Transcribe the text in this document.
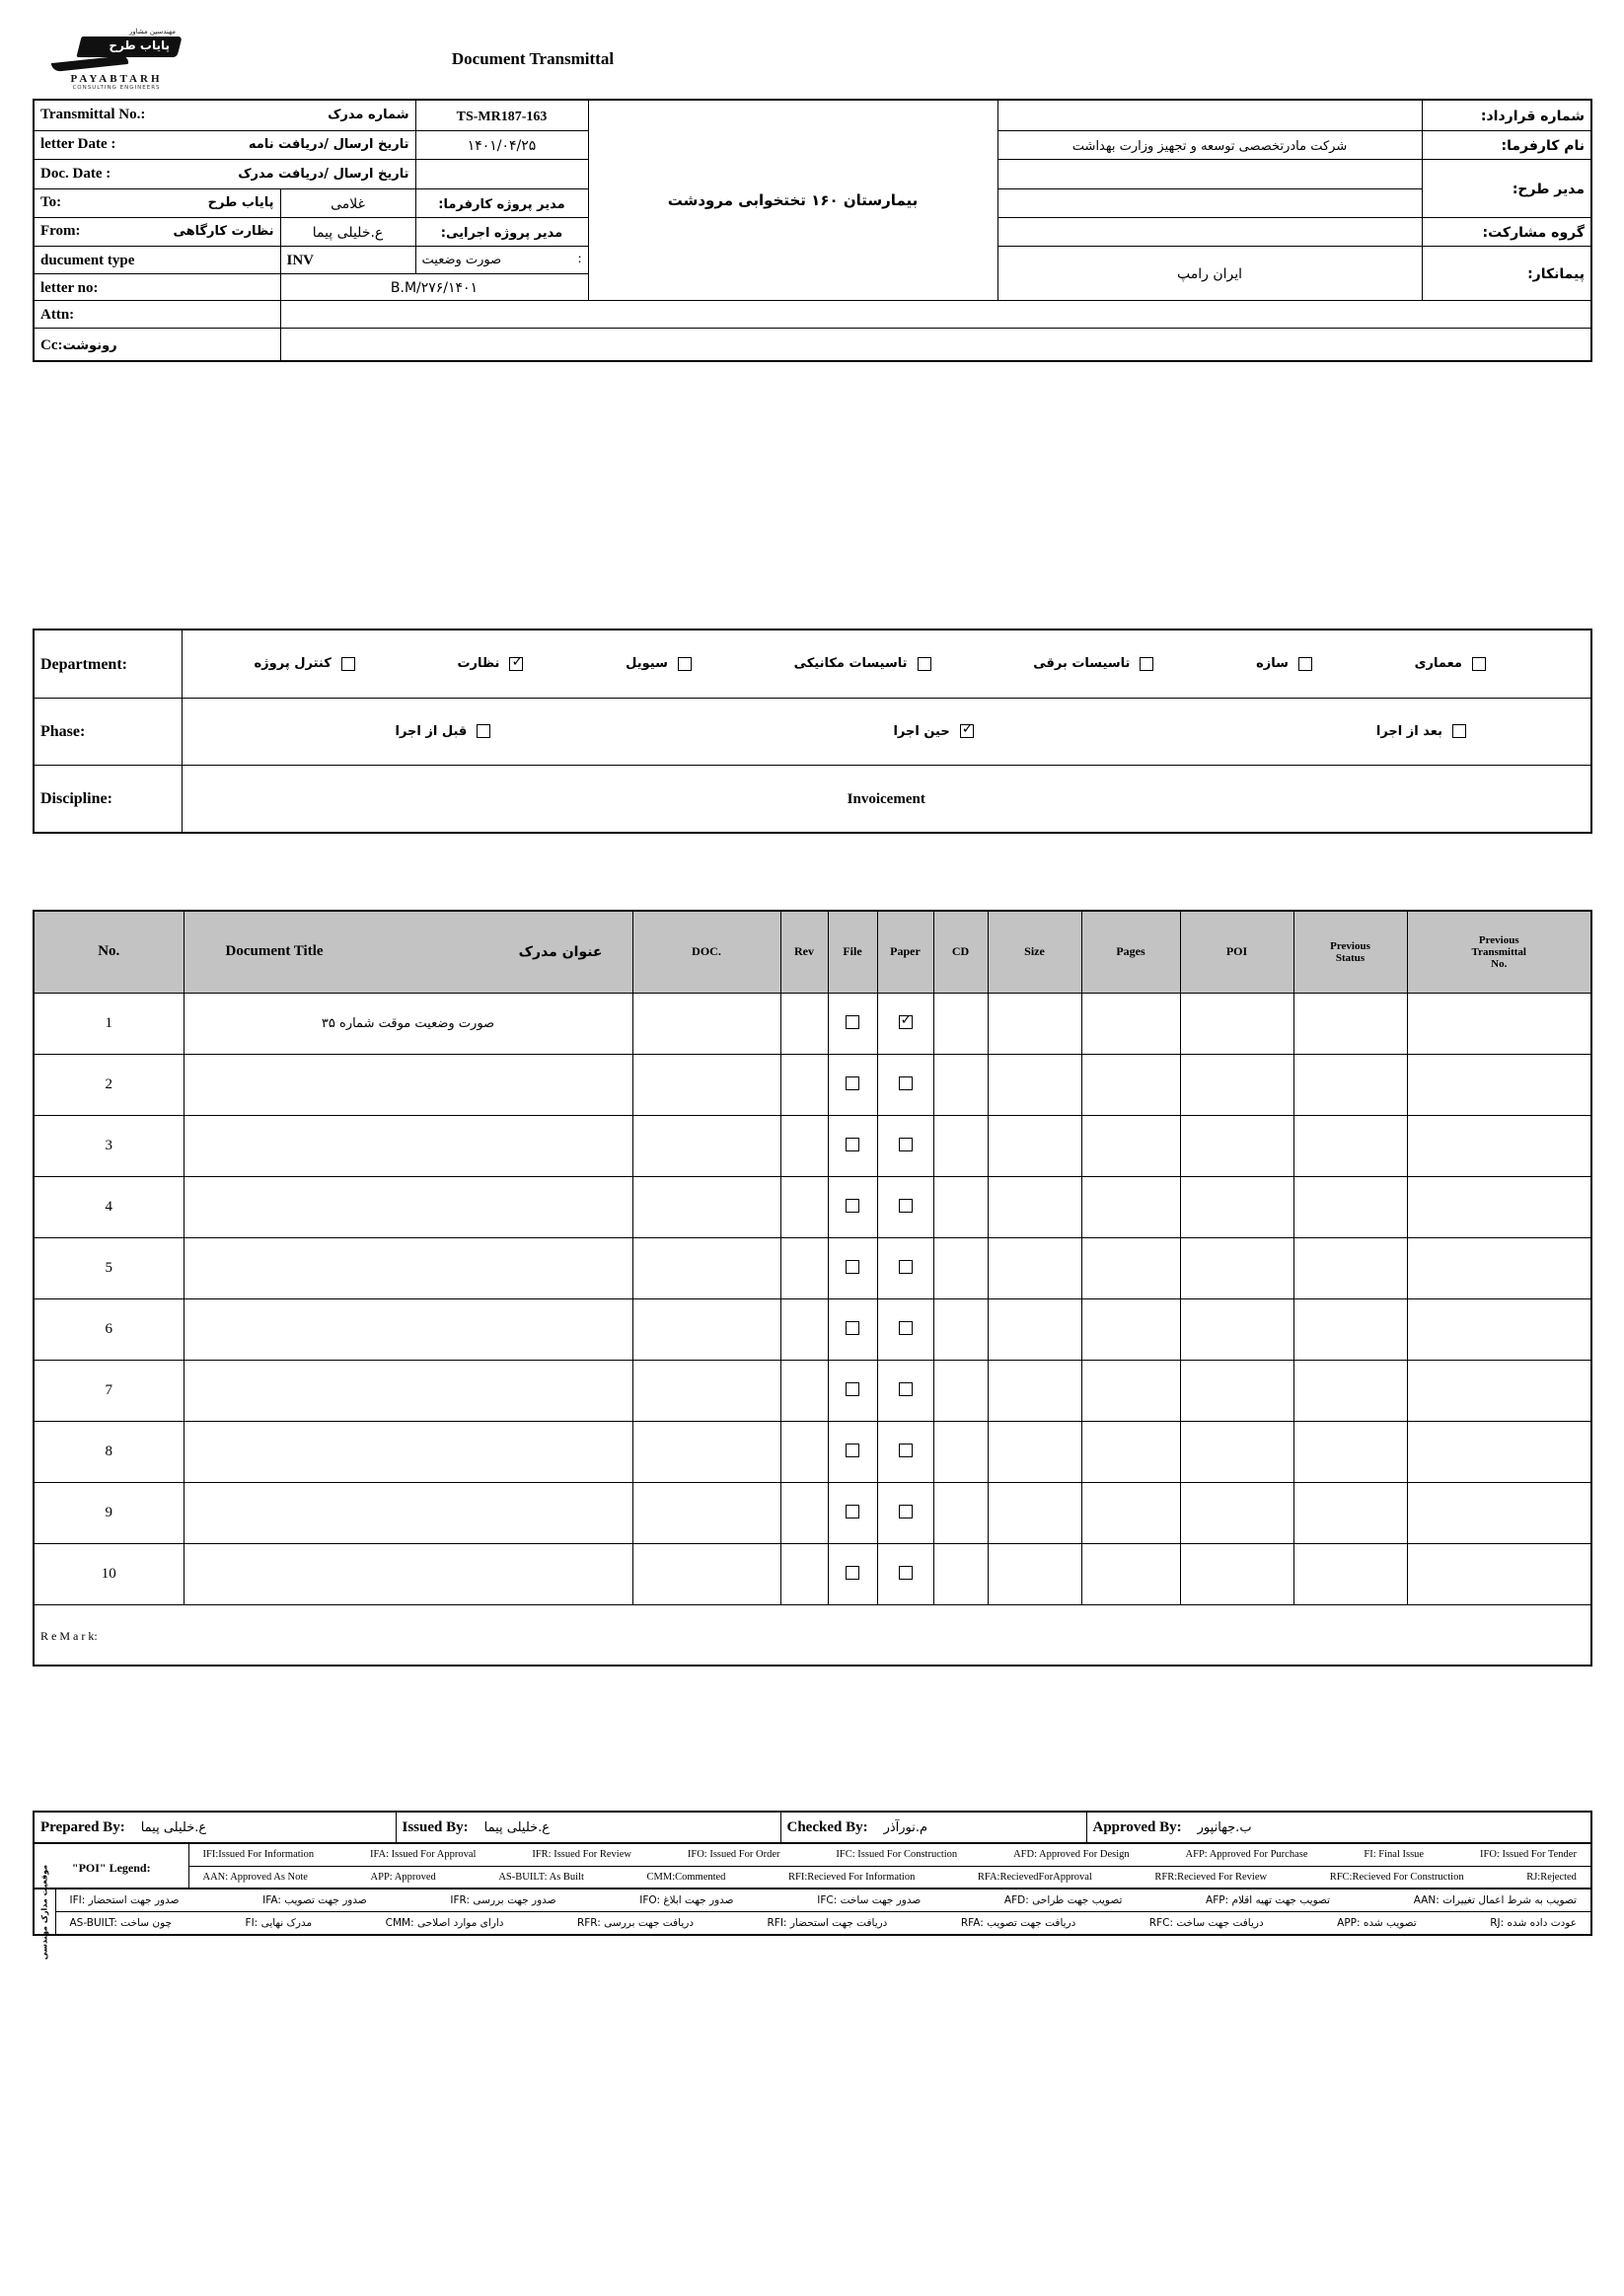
مهندسین مشاور
پایاب طرح
PAYABTARH
CONSULTING ENGINEERS
Document Transmittal
Transmittal No.: شماره مدرک		TS-MR187-163	بیمارستان ۱۶۰ تختخوابی مرودشت		شماره قرارداد:

letter Date : تاریخ ارسال /دریافت نامه		۱۴۰۱/۰۴/۲۵		شرکت مادرتخصصی توسعه و تجهیز وزارت بهداشت	نام کارفرما:

Doc. Date : تاریخ ارسال /دریافت مدرک					مدیر طرح:

To: پایاب طرح	غلامی	مدیر پروژه کارفرما:			

From: نظارت کارگاهی	ع.خلیلی پیما	مدیر پروژه اجرایی:			گروه مشارکت:
ducument type	INV	صورت وضعیت :		ایران رامپ	پیمانکار:
letter no:	B.M/۲۷۶/۱۴۰۱				
Attn:					
Cc:رونوشت					
Department:	کنترل پروژه	نظارت ✓	سیویل	تاسیسات مکانیکی	تاسیسات برقی	سازه	معماری

Phase:	قبل از اجرا حین اجرا ✓ بعد از اجرا

Discipline:	Invoicement
No.	Document Title عنوان مدرک	DOC.	Rev	File	Paper	CD	Size	Pages	POI	Previous Status	Previous Transmittal No.

1	صورت وضعیت موقت شماره ۳۵				✓						
2											
3											
4											
5											
6											
7											
8											
9											
10											
R e M a r k:											
Prepared By: ع.خلیلی پیما	Issued By: ع.خلیلی پیما	Checked By: م.نورآذر	Approved By: ب.جهانپور
"POI" Legend:	
IFI:Issued For Information	IFA: Issued For Approval	IFR: Issued For Review	IFO: Issued For Order	IFC: Issued For Construction	AFD: Approved For Design	AFP: Approved For Purchase	FI: Final Issue	IFO: Issued For Tender

AAN: Approved As Note	APP: Approved	AS-BUILT: As Built	CMM:Commented	RFI:Recieved For Information	RFA:RecievedForApproval	RFR:Recieved For Review	RFC:Recieved For Construction	RJ:Rejected
موقعیت مدارک مهندسی	IFI: صدور جهت استحضار	IFA: صدور جهت تصویب	IFR: صدور جهت بررسی	IFO: صدور جهت ابلاغ	IFC: صدور جهت ساخت	AFD: تصویب جهت طراحی	AFP: تصویب جهت تهیه اقلام	AAN: تصویب به شرط اعمال تغییرات

AS-BUILT: چون ساخت	FI: مدرک نهایی	CMM: دارای موارد اصلاحی	RFR: دریافت جهت بررسی	RFI: دریافت جهت استحضار	RFA: دریافت جهت تصویب	RFC: دریافت جهت ساخت	APP: تصویب شده	RJ: عودت داده شده
